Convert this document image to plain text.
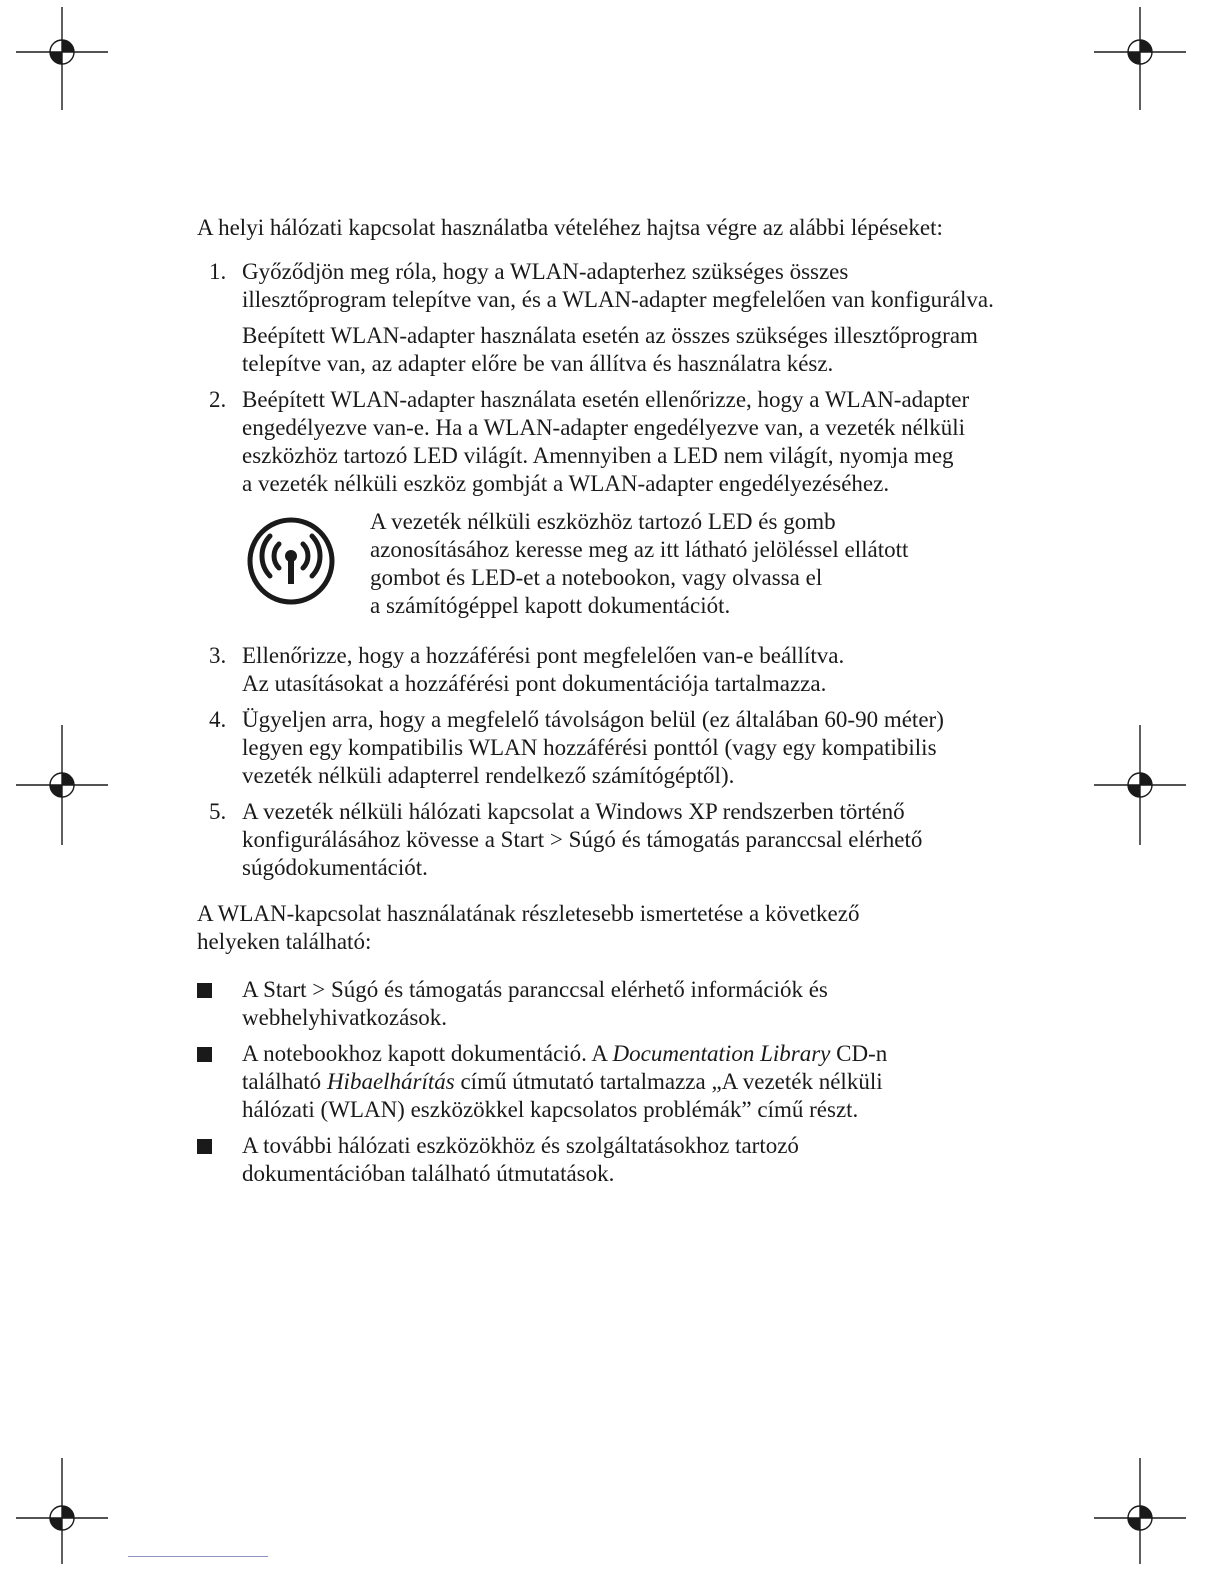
A helyi hálózati kapcsolat használatba vételéhez hajtsa végre az alábbi lépéseket:

1. Győződjön meg róla, hogy a WLAN-adapterhez szükséges összes
illesztőprogram telepítve van, és a WLAN-adapter megfelelően van konfigurálva.
Beépített WLAN-adapter használata esetén az összes szükséges illesztőprogram
telepítve van, az adapter előre be van állítva és használatra kész.
2. Beépített WLAN-adapter használata esetén ellenőrizze, hogy a WLAN-adapter
engedélyezve van-e. Ha a WLAN-adapter engedélyezve van, a vezeték nélküli
eszközhöz tartozó LED világít. Amennyiben a LED nem világít, nyomja meg
a vezeték nélküli eszköz gombját a WLAN-adapter engedélyezéséhez.
A vezeték nélküli eszközhöz tartozó LED és gomb
azonosításához keresse meg az itt látható jelöléssel ellátott
gombot és LED-et a notebookon, vagy olvassa el
a számítógéppel kapott dokumentációt.
3. Ellenőrizze, hogy a hozzáférési pont megfelelően van-e beállítva.
Az utasításokat a hozzáférési pont dokumentációja tartalmazza.
4. Ügyeljen arra, hogy a megfelelő távolságon belül (ez általában 60-90 méter)
legyen egy kompatibilis WLAN hozzáférési ponttól (vagy egy kompatibilis
vezeték nélküli adapterrel rendelkező számítógéptől).
5. A vezeték nélküli hálózati kapcsolat a Windows XP rendszerben történő
konfigurálásához kövesse a Start > Súgó és támogatás paranccsal elérhető
súgódokumentációt.
A WLAN-kapcsolat használatának részletesebb ismertetése a következő
helyeken található:
A Start > Súgó és támogatás paranccsal elérhető információk és
webhelyhivatkozások.
A notebookhoz kapott dokumentáció. A Documentation Library CD-n
található Hibaelhárítás című útmutató tartalmazza „A vezeték nélküli
hálózati (WLAN) eszközökkel kapcsolatos problémák” című részt.
A további hálózati eszközökhöz és szolgáltatásokhoz tartozó
dokumentációban található útmutatások.
